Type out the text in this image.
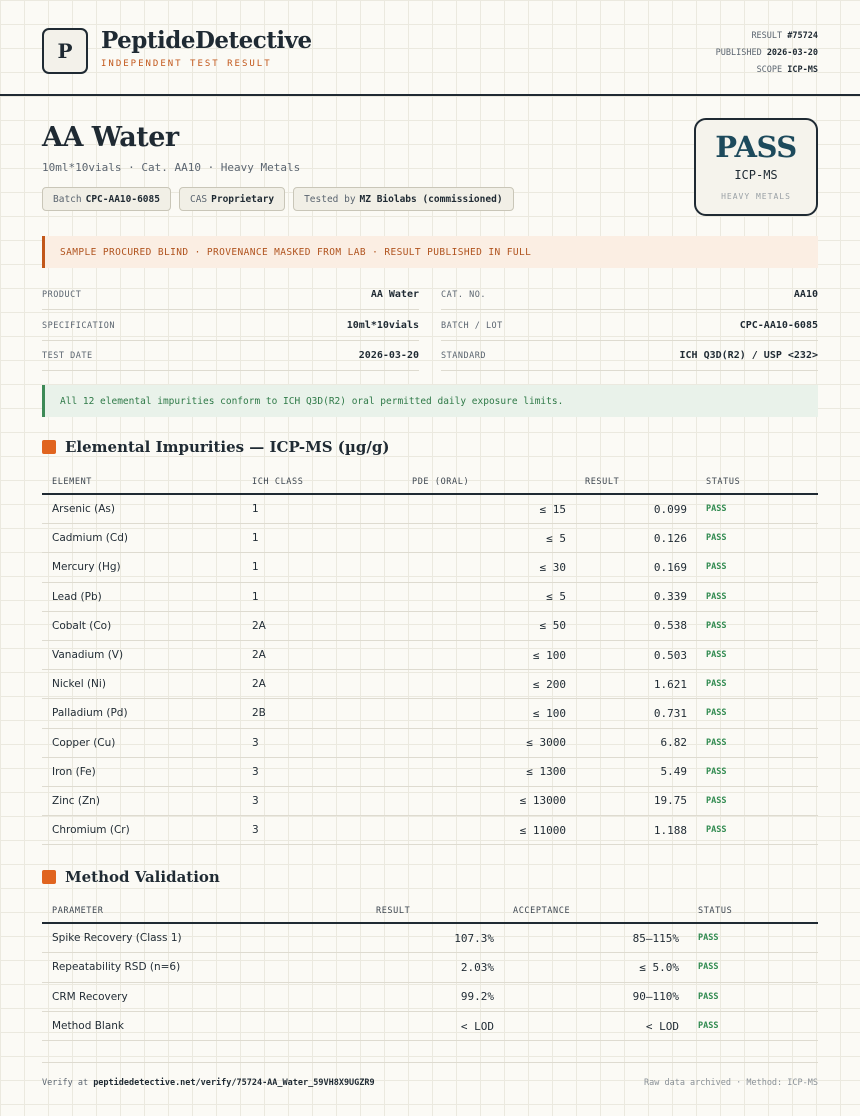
P	PeptideDetective
INDEPENDENT TEST RESULT
RESULT #75724
PUBLISHED 2026-03-20
SCOPE ICP-MS
AA Water
10ml*10vials · Cat. AA10 · Heavy Metals
Batch CPC-AA10-6085	CAS Proprietary	Tested by MZ Biolabs (commissioned)
PASS
ICP-MS
HEAVY METALS
SAMPLE PROCURED BLIND · PROVENANCE MASKED FROM LAB · RESULT PUBLISHED IN FULL
PRODUCT	AA Water	CAT. NO.	AA10
SPECIFICATION	10ml*10vials	BATCH / LOT	CPC-AA10-6085
TEST DATE	2026-03-20	STANDARD	ICH Q3D(R2) / USP <232>
All 12 elemental impurities conform to ICH Q3D(R2) oral permitted daily exposure limits.
Elemental Impurities — ICP-MS (µg/g)
ELEMENT	ICH CLASS	PDE (ORAL)	RESULT	STATUS
Arsenic (As)	1	≤ 15	0.099 PASS
Cadmium (Cd)	1	≤ 5	0.126 PASS
Mercury (Hg)	1	≤ 30	0.169 PASS
Lead (Pb)	1	≤ 5	0.339 PASS
Cobalt (Co)	2A	≤ 50	0.538 PASS
Vanadium (V)	2A	≤ 100	0.503 PASS
Nickel (Ni)	2A	≤ 200	1.621 PASS
Palladium (Pd)	2B	≤ 100	0.731 PASS
Copper (Cu)	3	≤ 3000	6.82 PASS
Iron (Fe)	3	≤ 1300	5.49 PASS
Zinc (Zn)	3	≤ 13000	19.75 PASS
Chromium (Cr)	3	≤ 11000	1.188 PASS
Method Validation
PARAMETER	RESULT	ACCEPTANCE	STATUS
Spike Recovery (Class 1)	107.3%	85–115% PASS
Repeatability RSD (n=6)	2.03%	≤ 5.0% PASS
CRM Recovery	99.2%	90–110% PASS
Method Blank	< LOD	< LOD PASS
Verify at peptidedetective.net/verify/75724-AA_Water_59VH8X9UGZR9	Raw data archived · Method: ICP-MS
